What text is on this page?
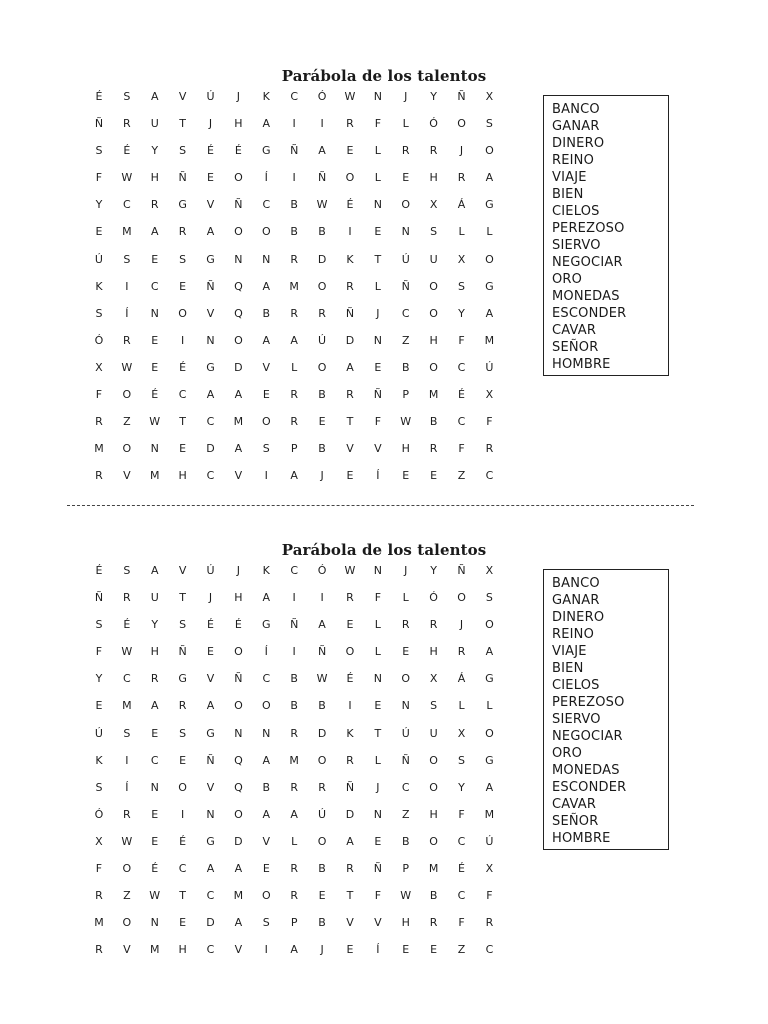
Parábola de los talentos
É	S	A	V	Ú	J	K	C	Ó	W	N	J	Y	Ñ	X
Ñ	R	U	T	J	H	A	I	I	R	F	L	Ó	O	S
S	É	Y	S	É	É	G	Ñ	A	E	L	R	R	J	O
F	W	H	Ñ	E	O	Í	I	Ñ	O	L	E	H	R	A
Y	C	R	G	V	Ñ	C	B	W	É	N	O	X	Á	G
E	M	A	R	A	O	O	B	B	I	E	N	S	L	L
Ú	S	E	S	G	N	N	R	D	K	T	Ú	U	X	O
K	I	C	E	Ñ	Q	A	M	O	R	L	Ñ	O	S	G
S	Í	N	O	V	Q	B	R	R	Ñ	J	C	O	Y	A
Ó	R	E	I	N	O	A	A	Ú	D	N	Z	H	F	M
X	W	E	É	G	D	V	L	O	A	E	B	O	C	Ú
F	O	É	C	A	A	E	R	B	R	Ñ	P	M	É	X
R	Z	W	T	C	M	O	R	E	T	F	W	B	C	F
M	O	N	E	D	A	S	P	B	V	V	H	R	F	R
R	V	M	H	C	V	I	A	J	E	Í	E	E	Z	C
BANCO
GANAR
DINERO
REINO
VIAJE
BIEN
CIELOS
PEREZOSO
SIERVO
NEGOCIAR
ORO
MONEDAS
ESCONDER
CAVAR
SEÑOR
HOMBRE
Parábola de los talentos
É	S	A	V	Ú	J	K	C	Ó	W	N	J	Y	Ñ	X
Ñ	R	U	T	J	H	A	I	I	R	F	L	Ó	O	S
S	É	Y	S	É	É	G	Ñ	A	E	L	R	R	J	O
F	W	H	Ñ	E	O	Í	I	Ñ	O	L	E	H	R	A
Y	C	R	G	V	Ñ	C	B	W	É	N	O	X	Á	G
E	M	A	R	A	O	O	B	B	I	E	N	S	L	L
Ú	S	E	S	G	N	N	R	D	K	T	Ú	U	X	O
K	I	C	E	Ñ	Q	A	M	O	R	L	Ñ	O	S	G
S	Í	N	O	V	Q	B	R	R	Ñ	J	C	O	Y	A
Ó	R	E	I	N	O	A	A	Ú	D	N	Z	H	F	M
X	W	E	É	G	D	V	L	O	A	E	B	O	C	Ú
F	O	É	C	A	A	E	R	B	R	Ñ	P	M	É	X
R	Z	W	T	C	M	O	R	E	T	F	W	B	C	F
M	O	N	E	D	A	S	P	B	V	V	H	R	F	R
R	V	M	H	C	V	I	A	J	E	Í	E	E	Z	C
BANCO
GANAR
DINERO
REINO
VIAJE
BIEN
CIELOS
PEREZOSO
SIERVO
NEGOCIAR
ORO
MONEDAS
ESCONDER
CAVAR
SEÑOR
HOMBRE
